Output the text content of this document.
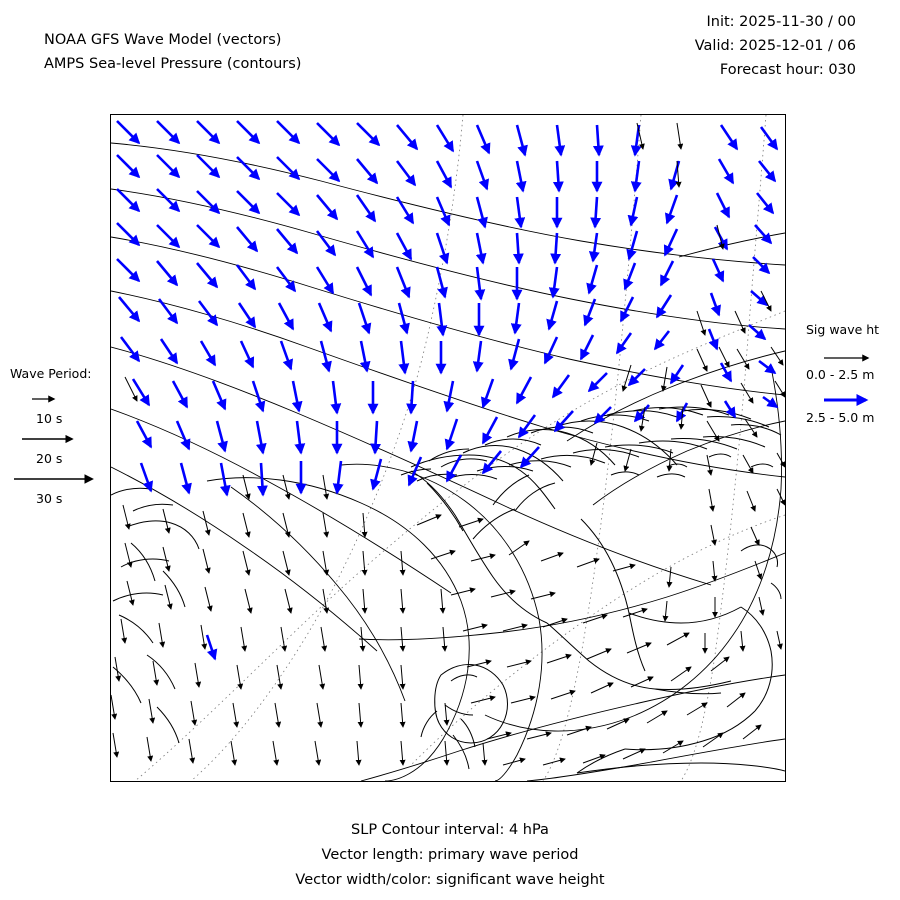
NOAA GFS Wave Model (vectors)
AMPS Sea-level Pressure (contours)
Init: 2025-11-30 / 00
Valid: 2025-12-01 / 06
Forecast hour: 030
Wave Period:
10 s
20 s
30 s
Sig wave ht
0.0 - 2.5 m
2.5 - 5.0 m
SLP Contour interval: 4 hPa
Vector length: primary wave period
Vector width/color: significant wave height
